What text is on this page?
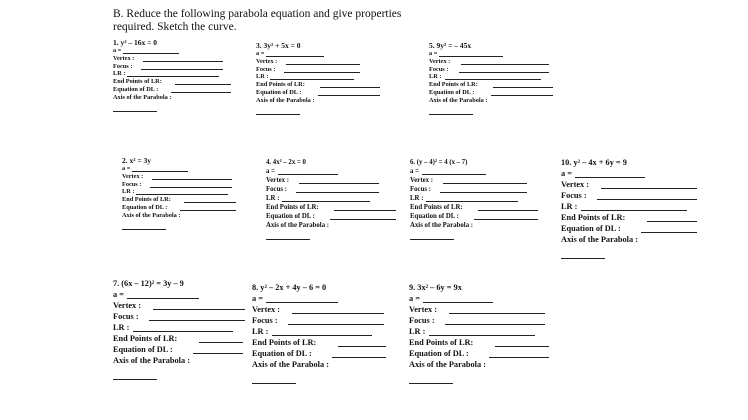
B. Reduce the following parabola equation and give properties
required. Sketch the curve.
1. y² – 16x = 0
a =
Vertex :
Focus :
LR :
End Points of LR:
Equation of DL :
Axis of the Parabola :
3. 3y² + 5x = 0
a =
Vertex :
Focus :
LR :
End Points of LR:
Equation of DL :
Axis of the Parabola :
5. 9y² = – 45x
a =
Vertex :
Focus :
LR :
End Points of LR:
Equation of DL :
Axis of the Parabola :
2. x² = 3y
a =
Vertex :
Focus :
LR :
End Points of LR:
Equation of DL :
Axis of the Parabola :
4. 4x² – 2x = 0
a =
Vertex :
Focus :
LR :
End Points of LR:
Equation of DL :
Axis of the Parabola :
6. (y – 4)² = 4 (x – 7)
a =
Vertex :
Focus :
LR :
End Points of LR:
Equation of DL :
Axis of the Parabola :
10. y² – 4x + 6y = 9
a =
Vertex :
Focus :
LR :
End Points of LR:
Equation of DL :
Axis of the Parabola :
7. (6x – 12)² = 3y – 9
a =
Vertex :
Focus :
LR :
End Points of LR:
Equation of DL :
Axis of the Parabola :
8. y² – 2x + 4y – 6 = 0
a =
Vertex :
Focus :
LR :
End Points of LR:
Equation of DL :
Axis of the Parabola :
9. 3x² – 6y = 9x
a =
Vertex :
Focus :
LR :
End Points of LR:
Equation of DL :
Axis of the Parabola :
